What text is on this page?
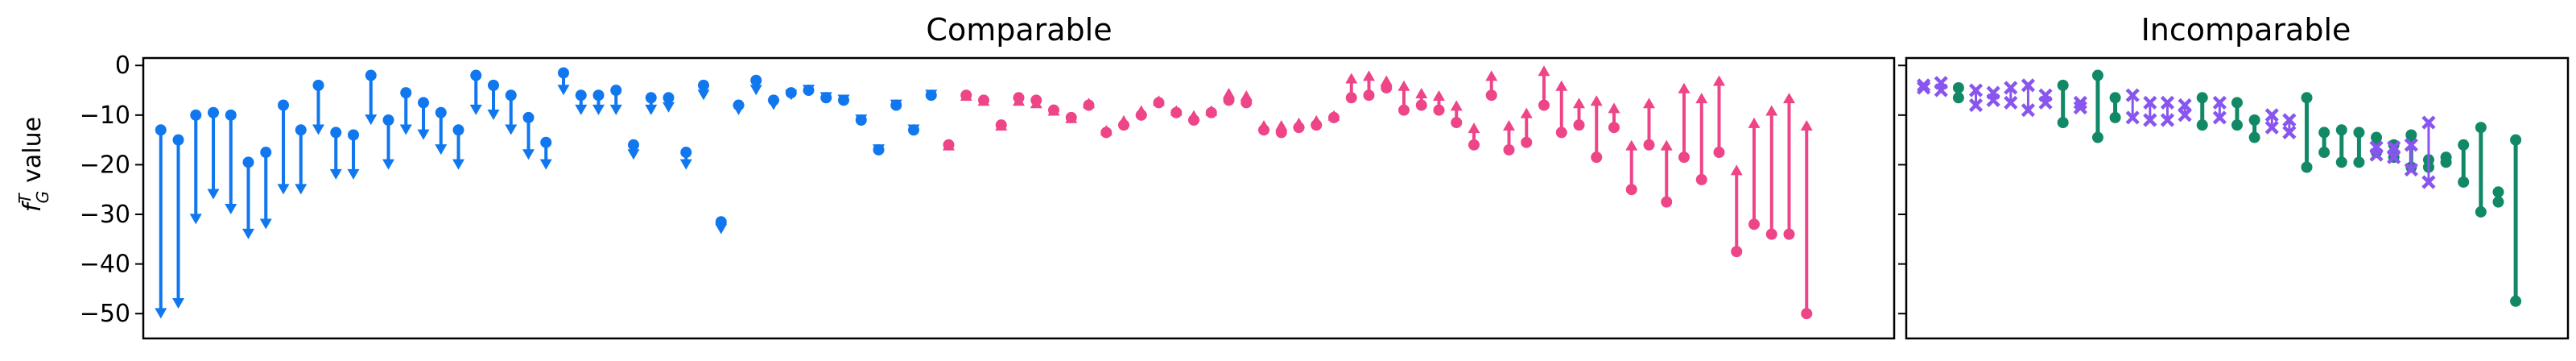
Comparable	Incomparable
$f^TGvalue$
0
−10
−20
−30
−40
−50
